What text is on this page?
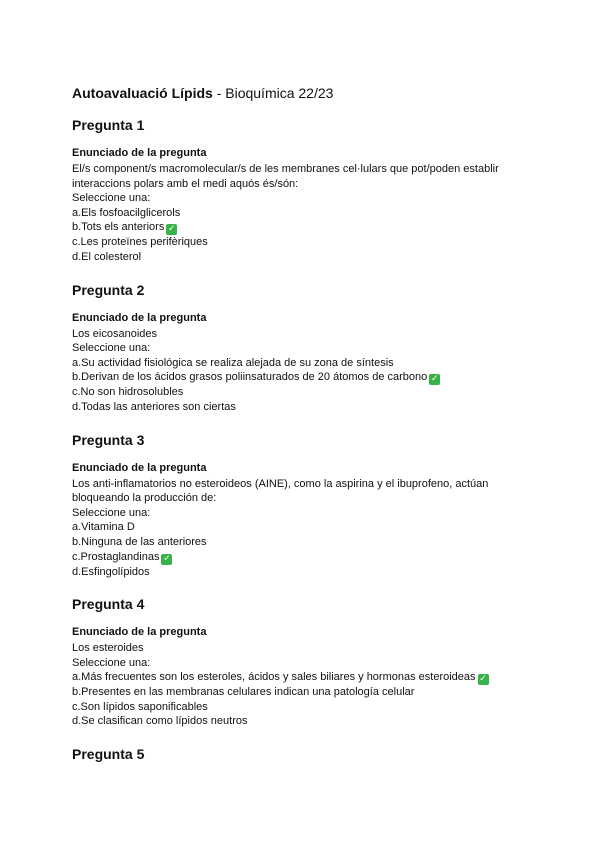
Autoavaluació Lípids - Bioquímica 22/23
Pregunta 1
Enunciado de la pregunta
El/s component/s macromolecular/s de les membranes cel·lulars que pot/poden establir
interaccions polars amb el medi aquós és/són:
Seleccione una:
a.Els fosfoacilglicerols
b.Tots els anteriors ✓
c.Les proteïnes perifèriques
d.El colesterol
Pregunta 2
Enunciado de la pregunta
Los eicosanoides
Seleccione una:
a.Su actividad fisiológica se realiza alejada de su zona de síntesis
b.Derivan de los ácidos grasos poliinsaturados de 20 átomos de carbono ✓
c.No son hidrosolubles
d.Todas las anteriores son ciertas
Pregunta 3
Enunciado de la pregunta
Los anti-inflamatorios no esteroideos (AINE), como la aspirina y el ibuprofeno, actúan
bloqueando la producción de:
Seleccione una:
a.Vitamina D
b.Ninguna de las anteriores
c.Prostaglandinas ✓
d.Esfingolípidos
Pregunta 4
Enunciado de la pregunta
Los esteroides
Seleccione una:
a.Más frecuentes son los esteroles, ácidos y sales biliares y hormonas esteroideas ✓
b.Presentes en las membranas celulares indican una patología celular
c.Son lípidos saponificables
d.Se clasifican como lípidos neutros
Pregunta 5
